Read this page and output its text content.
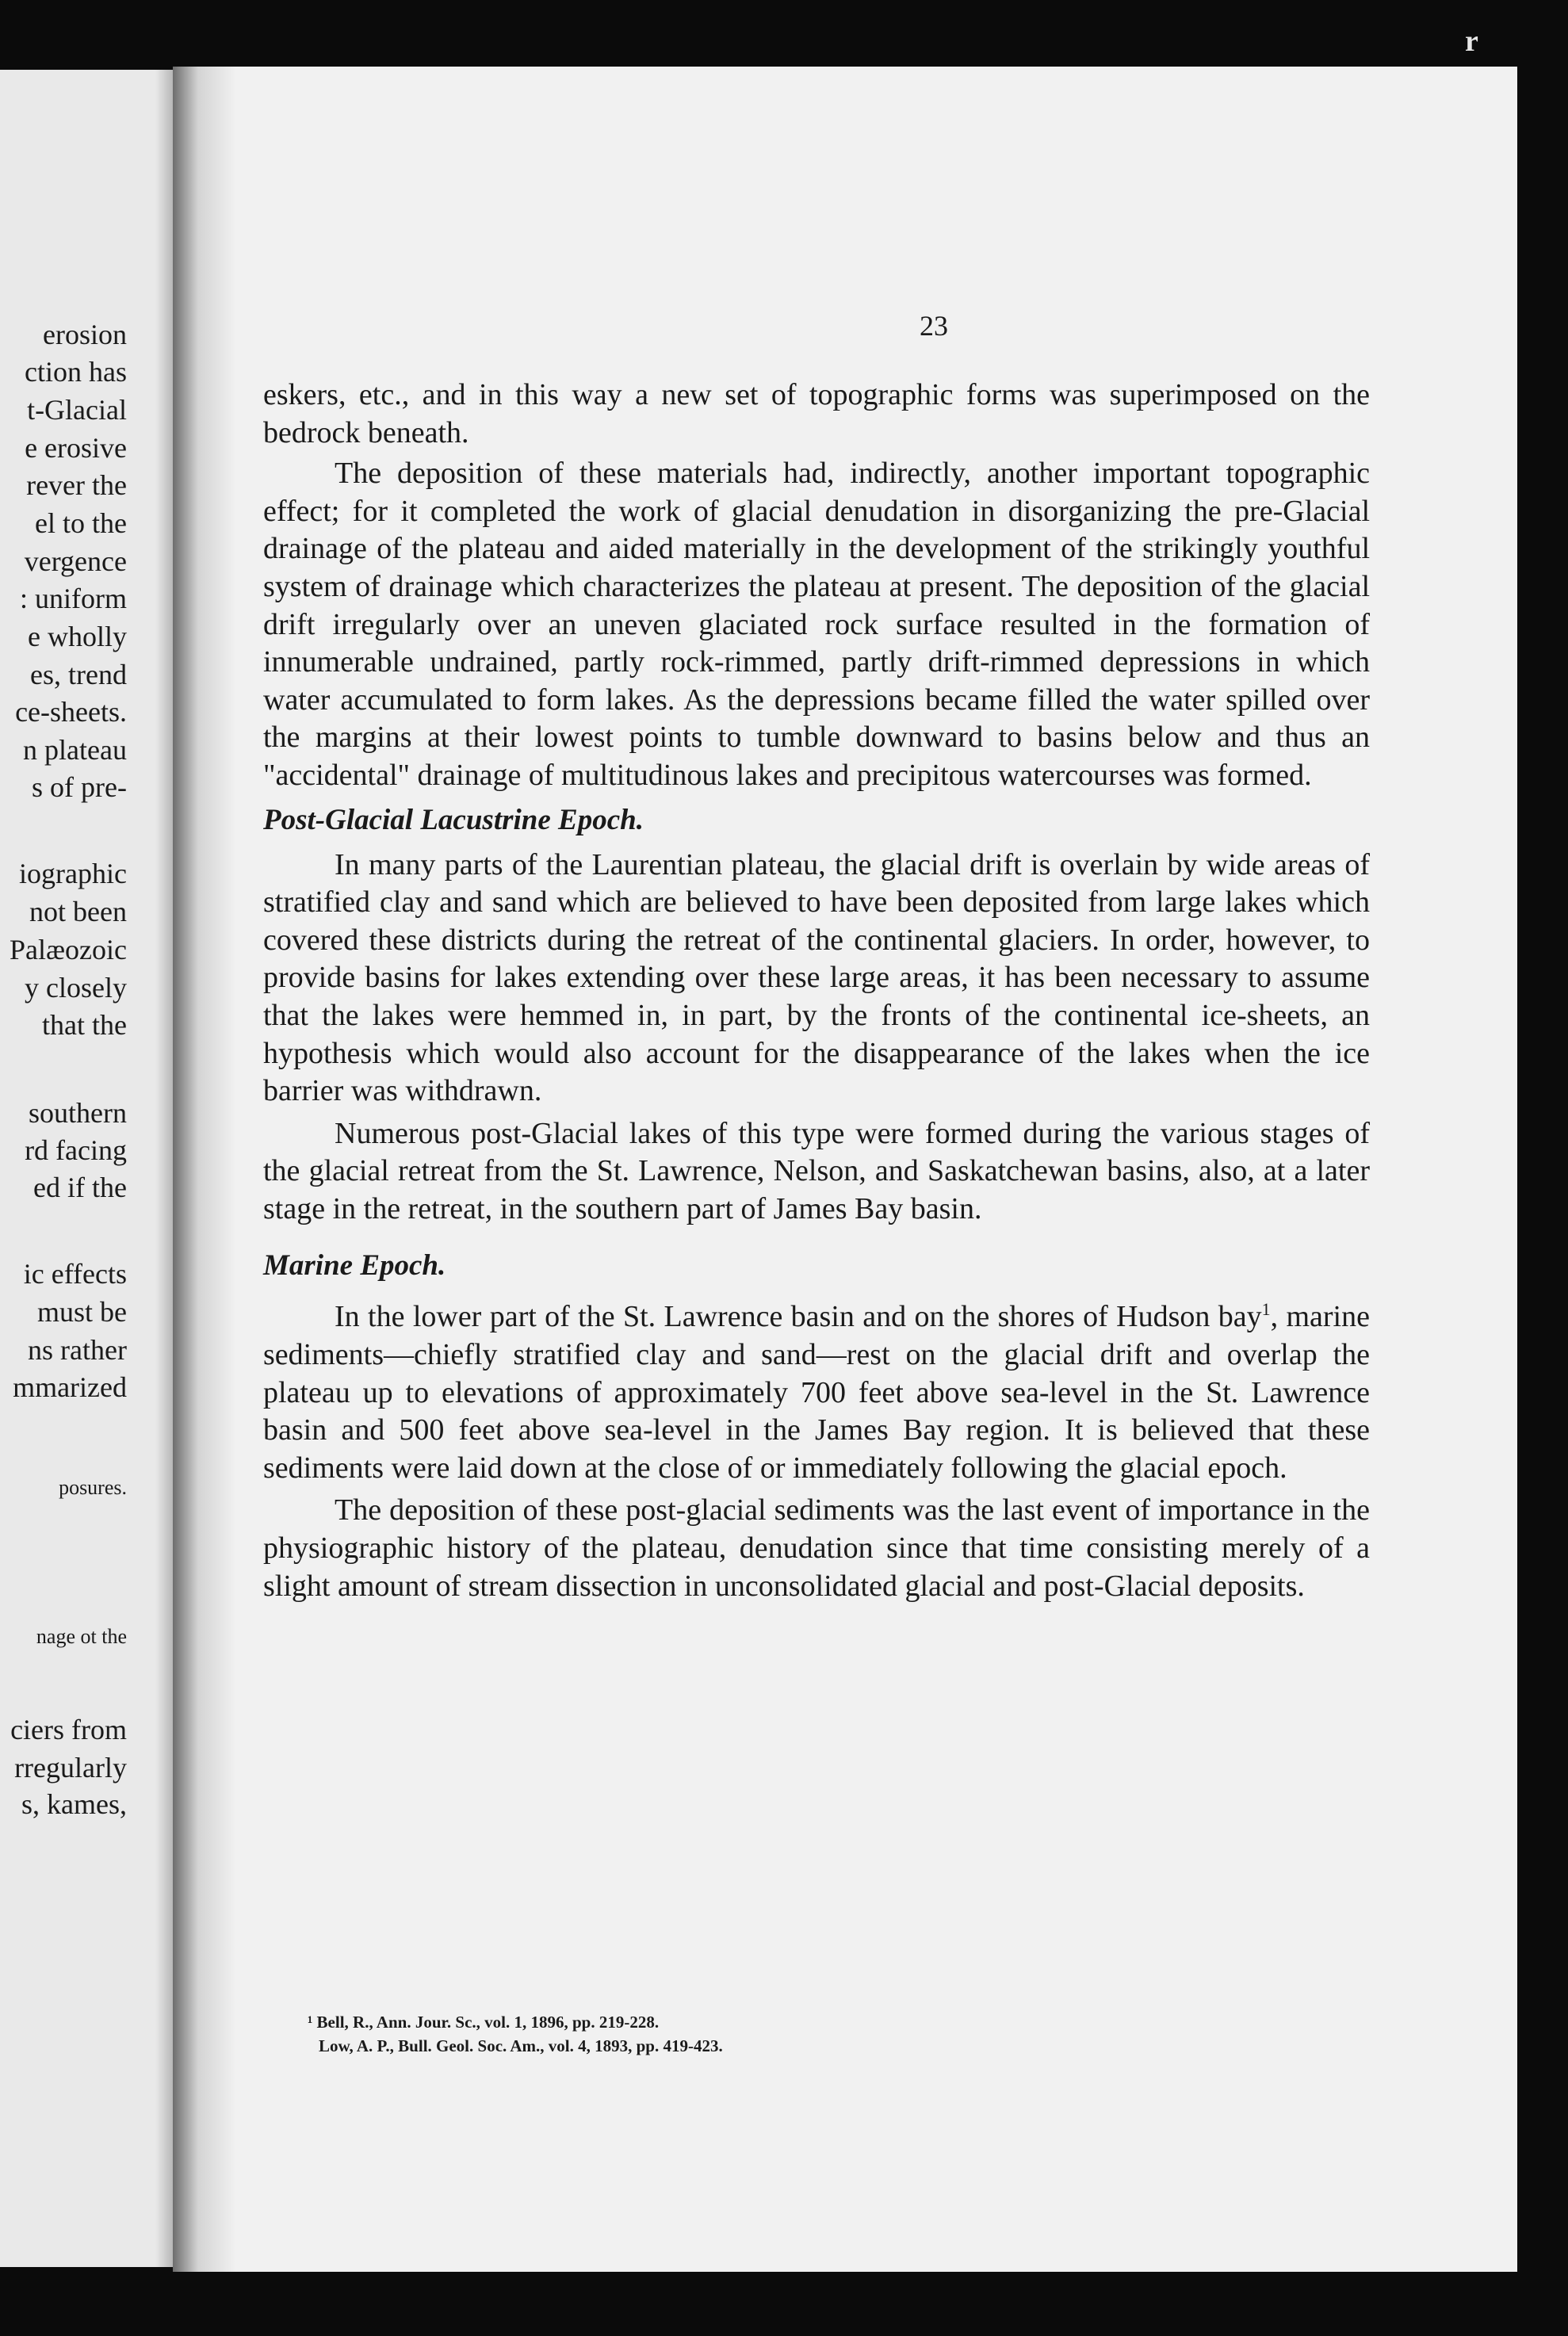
erosion
ction has
t-Glacial
e erosive
rever the
el to the
vergence
: uniform
e wholly
es, trend
ce-sheets.
n plateau
s of pre-
iographic
not been
Palæozoic
y closely
that the
southern
rd facing
ed if the
ic effects
must be
ns rather
mmarized
posures.
nage ot the
ciers from
rregularly
s, kames,
23

eskers, etc., and in this way a new set of topographic forms was superimposed on the bedrock beneath.

The deposition of these materials had, indirectly, another important topographic effect; for it completed the work of glacial denudation in disorganizing the pre-Glacial drainage of the plateau and aided materially in the development of the strikingly youthful system of drainage which characterizes the plateau at present. The deposition of the glacial drift irregularly over an uneven glaciated rock surface resulted in the formation of innumerable undrained, partly rock-rimmed, partly drift-rimmed depressions in which water accumulated to form lakes. As the depressions became filled the water spilled over the margins at their lowest points to tumble downward to basins below and thus an "accidental" drainage of multitudinous lakes and precipitous watercourses was formed.

Post-Glacial Lacustrine Epoch.

In many parts of the Laurentian plateau, the glacial drift is overlain by wide areas of stratified clay and sand which are believed to have been deposited from large lakes which covered these districts during the retreat of the continental glaciers. In order, however, to provide basins for lakes extending over these large areas, it has been necessary to assume that the lakes were hemmed in, in part, by the fronts of the continental ice-sheets, an hypothesis which would also account for the disappearance of the lakes when the ice barrier was withdrawn.

Numerous post-Glacial lakes of this type were formed during the various stages of the glacial retreat from the St. Lawrence, Nelson, and Saskatchewan basins, also, at a later stage in the retreat, in the southern part of James Bay basin.

Marine Epoch.

In the lower part of the St. Lawrence basin and on the shores of Hudson bay$^1$, marine sediments—chiefly stratified clay and sand—rest on the glacial drift and overlap the plateau up to elevations of approximately 700 feet above sea-level in the St. Lawrence basin and 500 feet above sea-level in the James Bay region. It is believed that these sediments were laid down at the close of or immediately following the glacial epoch.

The deposition of these post-glacial sediments was the last event of importance in the physiographic history of the plateau, denudation since that time consisting merely of a slight amount of stream dissection in unconsolidated glacial and post-Glacial deposits.

¹ Bell, R., Ann. Jour. Sc., vol. 1, 1896, pp. 219-228.

Low, A. P., Bull. Geol. Soc. Am., vol. 4, 1893, pp. 419-423.

r
